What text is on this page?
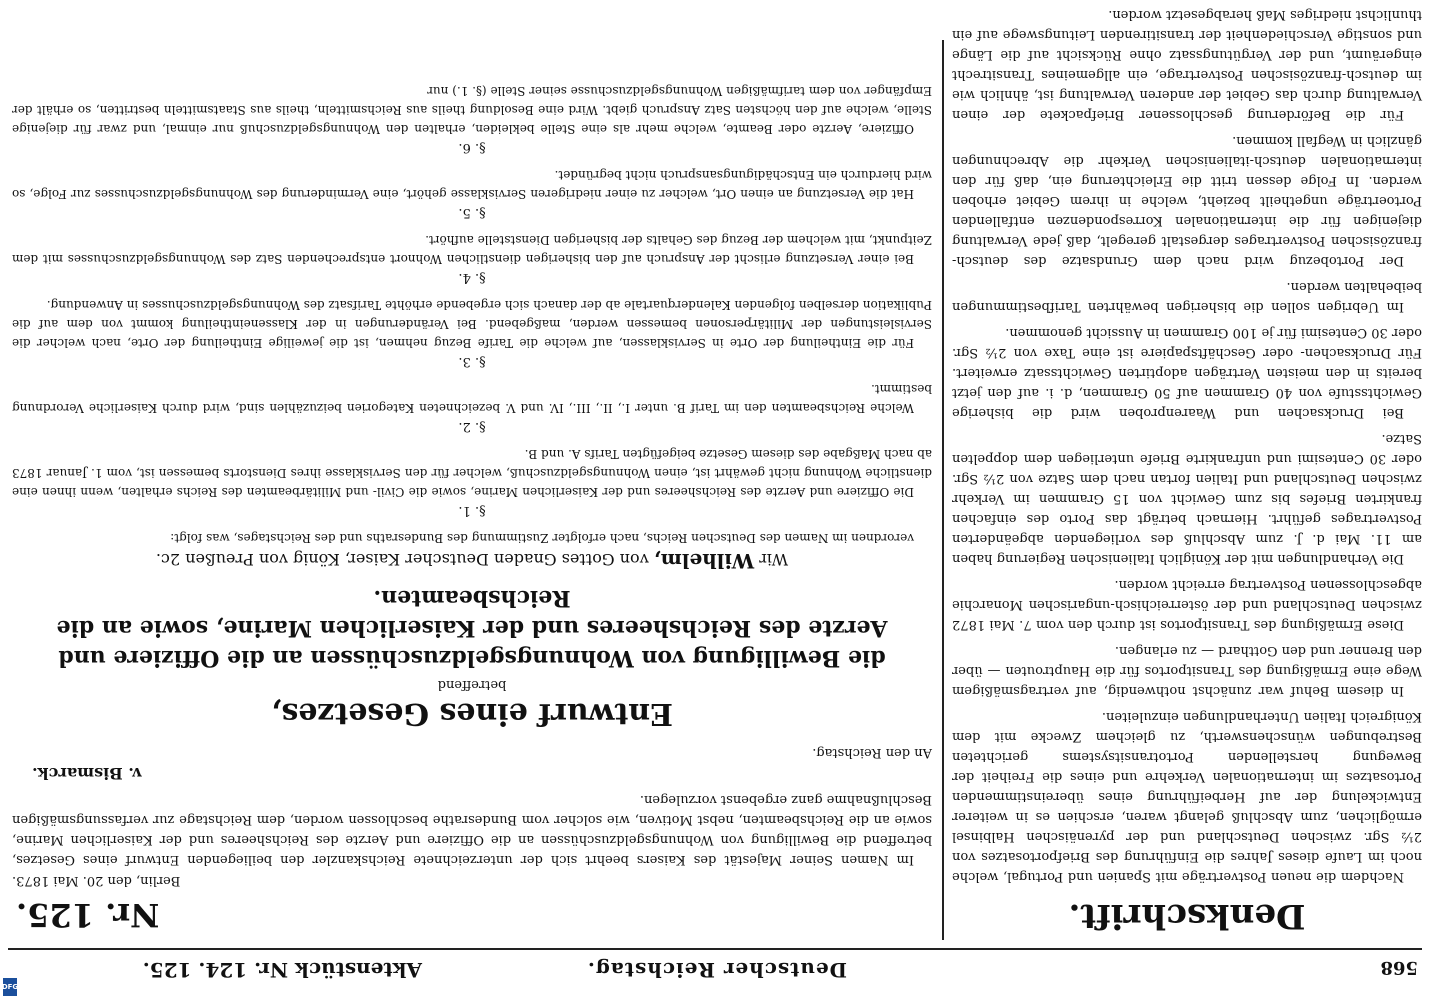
568
Deutscher Reichstag.
Aktenstück Nr. 124. 125.
Denkschrift.

Nachdem die neuen Postverträge mit Spanien und Portugal, welche noch im Laufe dieses Jahres die Einführung des Briefportosatzes von 2½ Sgr. zwischen Deutschland und der pyrenäischen Halbinsel ermöglichen, zum Abschluß gelangt waren, erschien es in weiterer Entwickelung der auf Herbeiführung eines übereinstimmenden Portosatzes im internationalen Verkehre und eines die Freiheit der Bewegung herstellenden Portotransitsystems gerichteten Bestrebungen wünschenswerth, zu gleichem Zwecke mit dem Königreich Italien Unterhandlungen einzuleiten.

In diesem Behuf war zunächst nothwendig, auf vertragsmäßigem Wege eine Ermäßigung des Transitportos für die Hauptrouten — über den Brenner und den Gotthard — zu erlangen.

Diese Ermäßigung des Transitportos ist durch den vom 7. Mai 1872 zwischen Deutschland und der österreichisch-ungarischen Monarchie abgeschlossenen Postvertrag erreicht worden.

Die Verhandlungen mit der Königlich Italienischen Regierung haben am 11. Mai d. J. zum Abschluß des vorliegenden abgeänderten Postvertrages geführt. Hiernach beträgt das Porto des einfachen frankirten Briefes bis zum Gewicht von 15 Grammen im Verkehr zwischen Deutschland und Italien fortan nach dem Satze von 2½ Sgr. oder 30 Centesimi und unfrankirte Briefe unterliegen dem doppelten Satze.

Bei Drucksachen und Waarenproben wird die bisherige Gewichtsstufe von 40 Grammen auf 50 Grammen, d. i. auf den jetzt bereits in den meisten Verträgen adoptirten Gewichtssatz erweitert. Für Drucksachen- oder Geschäftspapiere ist eine Taxe von 2½ Sgr. oder 30 Centesimi für je 100 Grammen in Aussicht genommen.

Im Uebrigen sollen die bisherigen bewährten Tarifbestimmungen beibehalten werden.

Der Portobezug wird nach dem Grundsatze des deutsch-französischen Postvertrages dergestalt geregelt, daß jede Verwaltung diejenigen für die internationalen Korrespondenzen entfallenden Portoerträge ungetheilt bezieht, welche in ihrem Gebiet erhoben werden. In Folge dessen tritt die Erleichterung ein, daß für den internationalen deutsch-italienischen Verkehr die Abrechnungen gänzlich in Wegfall kommen.

Für die Beförderung geschlossener Briefpackete der einen Verwaltung durch das Gebiet der anderen Verwaltung ist, ähnlich wie im deutsch-französischen Postvertrage, ein allgemeines Transitrecht eingeräumt, und der Vergütungssatz ohne Rücksicht auf die Länge und sonstige Verschiedenheit der transitirenden Leitungswege auf ein thunlichst niedriges Maß herabgesetzt worden.

Nr. 125.
Berlin, den 20. Mai 1873.

Im Namen Seiner Majestät des Kaisers beehrt sich der unterzeichnete Reichskanzler den beiliegenden Entwurf eines Gesetzes, betreffend die Bewilligung von Wohnungsgeldzuschüssen an die Offiziere und Aerzte des Reichsheeres und der Kaiserlichen Marine, sowie an die Reichsbeamten, nebst Motiven, wie solcher vom Bundesrathe beschlossen worden, dem Reichstage zur verfassungsmäßigen Beschlußnahme ganz ergebenst vorzulegen.

v. Bismarck.
An den Reichstag.
Entwurf eines Gesetzes,
betreffend
die Bewilligung von Wohnungsgeldzuschüssen an die Offiziere und Aerzte des Reichsheeres und der Kaiserlichen Marine, sowie an die Reichsbeamten.
Wir Wilhelm, von Gottes Gnaden Deutscher Kaiser, König von Preußen 2c.

verordnen im Namen des Deutschen Reichs, nach erfolgter Zustimmung des Bundesraths und des Reichstages, was folgt:

§. 1.

Die Offiziere und Aerzte des Reichsheeres und der Kaiserlichen Marine, sowie die Civil- und Militärbeamten des Reichs erhalten, wenn ihnen eine dienstliche Wohnung nicht gewährt ist, einen Wohnungsgeldzuschuß, welcher für den Servisklasse ihres Dienstorts bemessen ist, vom 1. Januar 1873 ab nach Maßgabe des diesem Gesetze beigefügten Tarifs A. und B.

§. 2.

Welche Reichsbeamten den im Tarif B. unter I., II., III., IV. und V. bezeichneten Kategorien beizuzählen sind, wird durch Kaiserliche Verordnung bestimmt.

§. 3.

Für die Eintheilung der Orte in Servisklassen, auf welche die Tarife Bezug nehmen, ist die jeweilige Eintheilung der Orte, nach welcher die Servisleistungen der Militärpersonen bemessen werden, maßgebend. Bei Veränderungen in der Klasseneintheilung kommt von dem auf die Publikation derselben folgenden Kalenderquartale ab der danach sich ergebende erhöhte Tarifsatz des Wohnungsgeldzuschusses in Anwendung.

§. 4.

Bei einer Versetzung erlischt der Anspruch auf den bisherigen dienstlichen Wohnort entsprechenden Satz des Wohnungsgeldzuschusses mit dem Zeitpunkt, mit welchem der Bezug des Gehalts der bisherigen Dienststelle aufhört.

§. 5.

Hat die Versetzung an einen Ort, welcher zu einer niedrigeren Servisklasse gehört, eine Verminderung des Wohnungsgeldzuschusses zur Folge, so wird hierdurch ein Entschädigungsanspruch nicht begründet.

§. 6.

Offiziere, Aerzte oder Beamte, welche mehr als eine Stelle bekleiden, erhalten den Wohnungsgeldzuschuß nur einmal, und zwar für diejenige Stelle, welche auf den höchsten Satz Anspruch giebt. Wird eine Besoldung theils aus Reichsmitteln, theils aus Staatsmitteln bestritten, so erhält der Empfänger von dem tarifmäßigen Wohnungsgeldzuschusse seiner Stelle (§. 1.) nur

DFG
